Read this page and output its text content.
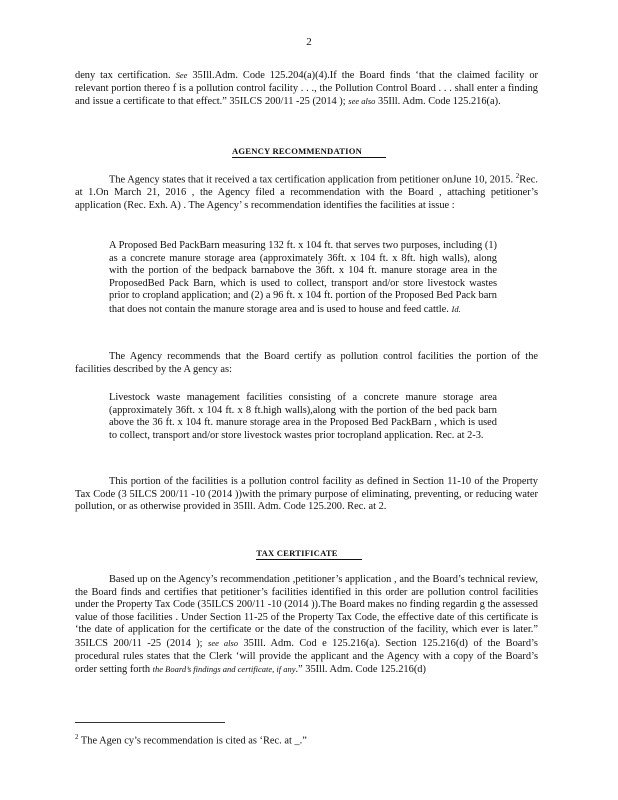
2
deny tax certification. See 35Ill.Adm. Code 125.204(a)(4).If the Board finds ‘that the claimed facility or relevant portion thereo f is a pollution control facility . . ., the Pollution Control Board . . . shall enter a finding and issue a certificate to that effect.” 35ILCS 200/11 -25 (2014 ); see also 35Ill. Adm. Code 125.216(a).
AGENCY RECOMMENDATION
The Agency states that it received a tax certification application from petitioner onJune 10, 2015. $^2$Rec. at 1.On March 21, 2016 , the Agency filed a recommendation with the Board , attaching petitioner’s application (Rec. Exh. A) . The Agency’ s recommendation identifies the facilities at issue :
A Proposed Bed PackBarn measuring 132 ft. x 104 ft. that serves two purposes, including (1) as a concrete manure storage area (approximately 36ft. x 104 ft. x 8ft. high walls), along with the portion of the bedpack barnabove the 36ft. x 104 ft. manure storage area in the ProposedBed Pack Barn, which is used to collect, transport and/or store livestock wastes prior to cropland application; and (2) a 96 ft. x 104 ft. portion of the Proposed Bed Pack barn that does not contain the manure storage area and is used to house and feed cattle. Id.
The Agency recommends that the Board certify as pollution control facilities the portion of the facilities described by the A gency as:
Livestock waste management facilities consisting of a concrete manure storage area (approximately 36ft. x 104 ft. x 8 ft.high walls),along with the portion of the bed pack barn above the 36 ft. x 104 ft. manure storage area in the Proposed Bed PackBarn , which is used to collect, transport and/or store livestock wastes prior tocropland application. Rec. at 2-3.
This portion of the facilities is a pollution control facility as defined in Section 11-10 of the Property Tax Code (3 5ILCS 200/11 -10 (2014 ))with the primary purpose of eliminating, preventing, or reducing water pollution, or as otherwise provided in 35Ill. Adm. Code 125.200. Rec. at 2.
TAX CERTIFICATE
Based up on the Agency’s recommendation ,petitioner’s application , and the Board’s technical review, the Board finds and certifies that petitioner’s facilities identified in this order are pollution control facilities under the Property Tax Code (35ILCS 200/11 -10 (2014 )).The Board makes no finding regardin g the assessed value of those facilities . Under Section 11-25 of the Property Tax Code, the effective date of this certificate is ‘the date of application for the certificate or the date of the construction of the facility, which ever is later.” 35ILCS 200/11 -25 (2014 ); see also 35Ill. Adm. Cod e 125.216(a). Section 125.216(d) of the Board’s procedural rules states that the Clerk ‘will provide the applicant and the Agency with a copy of the Board’s order setting forth the Board’s findings and certificate, if any.” 35Ill. Adm. Code 125.216(d)
$^2$ The Agen cy’s recommendation is cited as ‘Rec. at _.”
